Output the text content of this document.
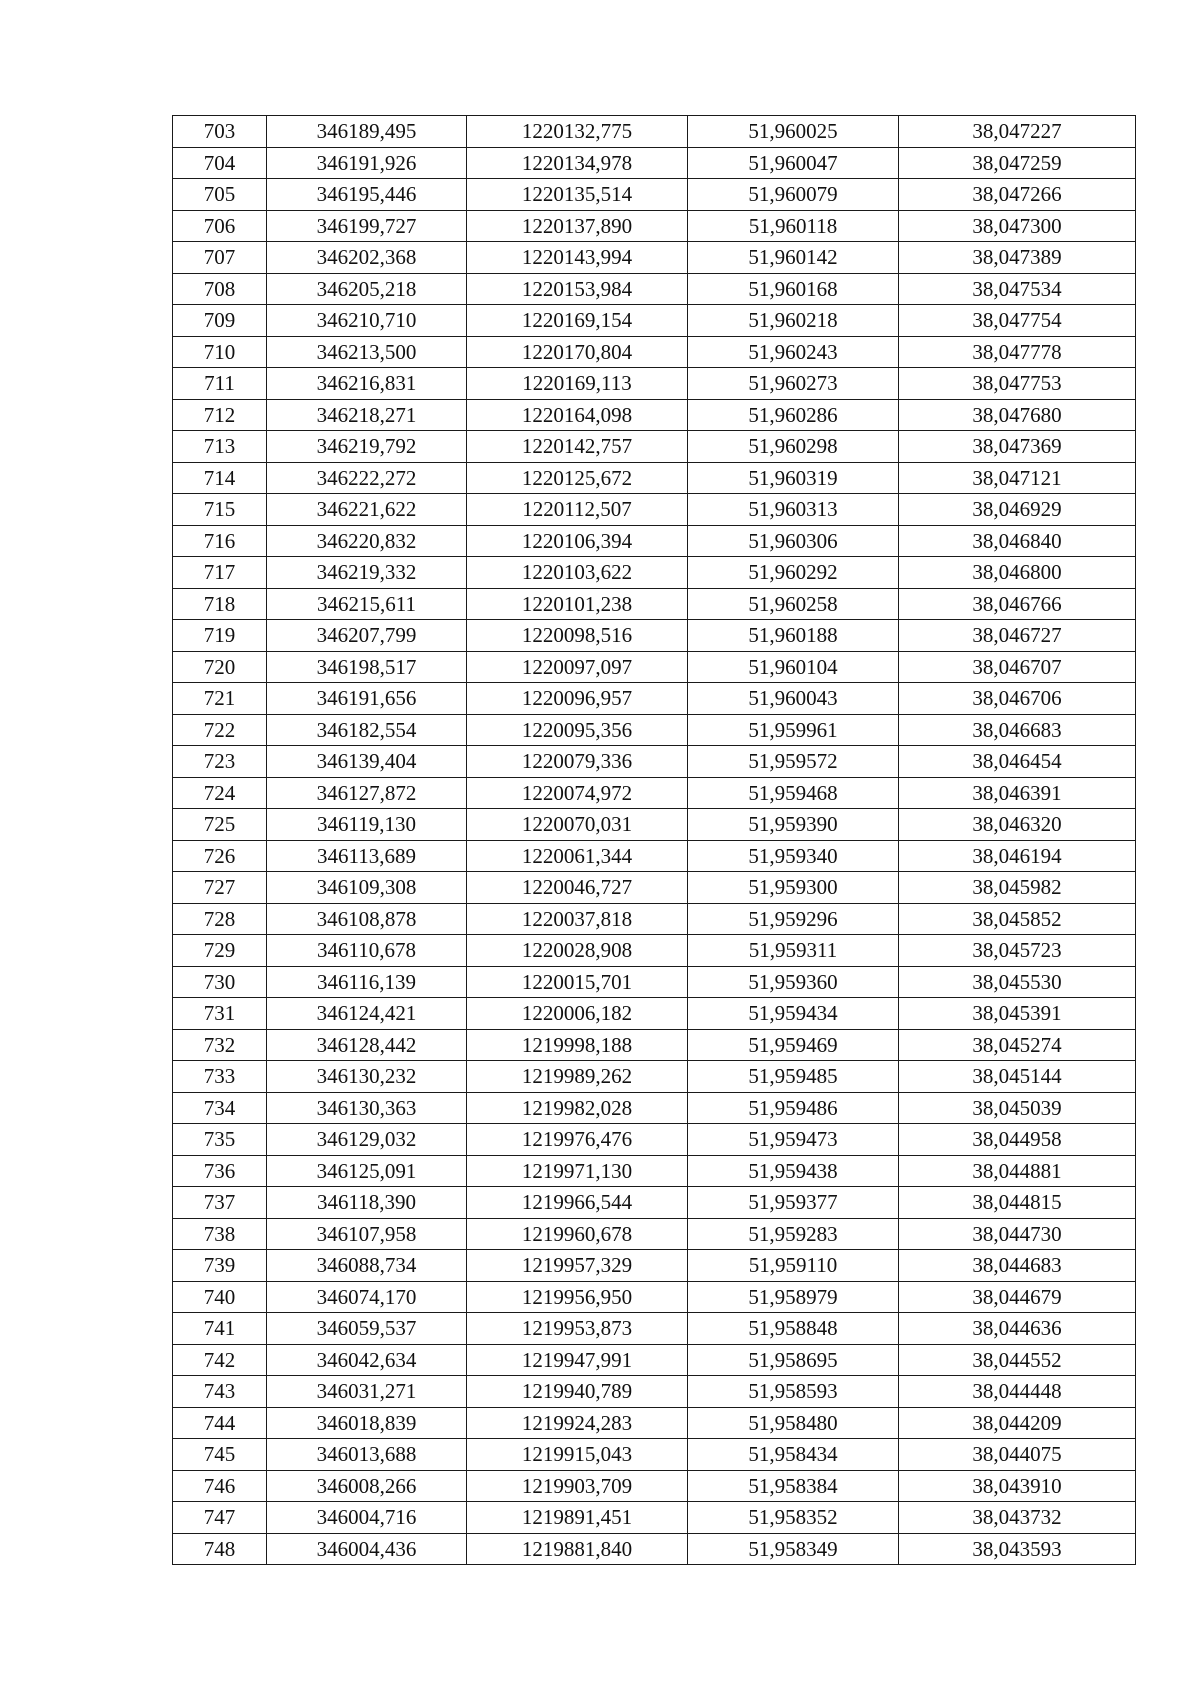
703	346189,495	1220132,775	51,960025	38,047227
704	346191,926	1220134,978	51,960047	38,047259
705	346195,446	1220135,514	51,960079	38,047266
706	346199,727	1220137,890	51,960118	38,047300
707	346202,368	1220143,994	51,960142	38,047389
708	346205,218	1220153,984	51,960168	38,047534
709	346210,710	1220169,154	51,960218	38,047754
710	346213,500	1220170,804	51,960243	38,047778
711	346216,831	1220169,113	51,960273	38,047753
712	346218,271	1220164,098	51,960286	38,047680
713	346219,792	1220142,757	51,960298	38,047369
714	346222,272	1220125,672	51,960319	38,047121
715	346221,622	1220112,507	51,960313	38,046929
716	346220,832	1220106,394	51,960306	38,046840
717	346219,332	1220103,622	51,960292	38,046800
718	346215,611	1220101,238	51,960258	38,046766
719	346207,799	1220098,516	51,960188	38,046727
720	346198,517	1220097,097	51,960104	38,046707
721	346191,656	1220096,957	51,960043	38,046706
722	346182,554	1220095,356	51,959961	38,046683
723	346139,404	1220079,336	51,959572	38,046454
724	346127,872	1220074,972	51,959468	38,046391
725	346119,130	1220070,031	51,959390	38,046320
726	346113,689	1220061,344	51,959340	38,046194
727	346109,308	1220046,727	51,959300	38,045982
728	346108,878	1220037,818	51,959296	38,045852
729	346110,678	1220028,908	51,959311	38,045723
730	346116,139	1220015,701	51,959360	38,045530
731	346124,421	1220006,182	51,959434	38,045391
732	346128,442	1219998,188	51,959469	38,045274
733	346130,232	1219989,262	51,959485	38,045144
734	346130,363	1219982,028	51,959486	38,045039
735	346129,032	1219976,476	51,959473	38,044958
736	346125,091	1219971,130	51,959438	38,044881
737	346118,390	1219966,544	51,959377	38,044815
738	346107,958	1219960,678	51,959283	38,044730
739	346088,734	1219957,329	51,959110	38,044683
740	346074,170	1219956,950	51,958979	38,044679
741	346059,537	1219953,873	51,958848	38,044636
742	346042,634	1219947,991	51,958695	38,044552
743	346031,271	1219940,789	51,958593	38,044448
744	346018,839	1219924,283	51,958480	38,044209
745	346013,688	1219915,043	51,958434	38,044075
746	346008,266	1219903,709	51,958384	38,043910
747	346004,716	1219891,451	51,958352	38,043732
748	346004,436	1219881,840	51,958349	38,043593
